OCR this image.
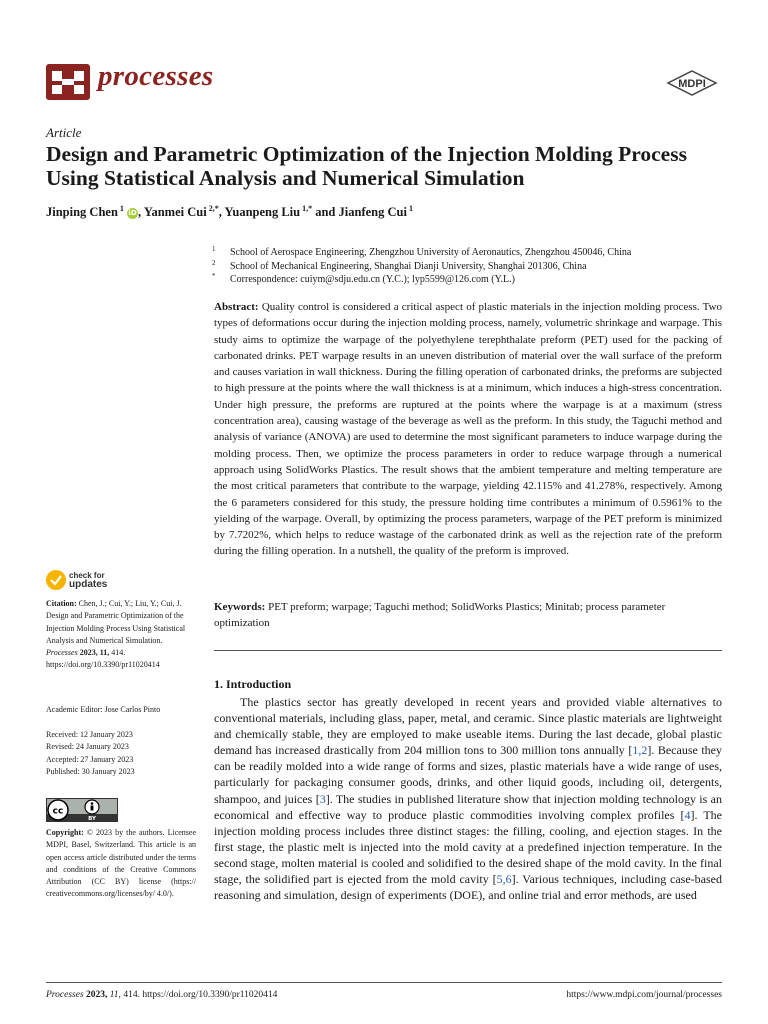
processes	MDPI
Article
Design and Parametric Optimization of the Injection Molding Process Using Statistical Analysis and Numerical Simulation
Jinping Chen $^1$ iD, Yanmei Cui $^{2,*}$, Yuanpeng Liu $^{1,*}$ and Jianfeng Cui $^1$
1 School of Aerospace Engineering, Zhengzhou University of Aeronautics, Zhengzhou 450046, China
2 School of Mechanical Engineering, Shanghai Dianji University, Shanghai 201306, China
* Correspondence: cuiym@sdju.edu.cn (Y.C.); lyp5599@126.com (Y.L.)
Abstract: Quality control is considered a critical aspect of plastic materials in the injection molding process. Two types of deformations occur during the injection molding process, namely, volumetric shrinkage and warpage. This study aims to optimize the warpage of the polyethylene terephthalate preform (PET) used for the packing of carbonated drinks. PET warpage results in an uneven distribution of material over the wall surface of the preform and causes variation in wall thickness. During the filling operation of carbonated drinks, the preforms are subjected to high pressure at the points where the wall thickness is at a minimum, which induces a high-stress concentration. Under high pressure, the preforms are ruptured at the points where the warpage is at a maximum (stress concentration area), causing wastage of the beverage as well as the preform. In this study, the Taguchi method and analysis of variance (ANOVA) are used to determine the most significant parameters to induce warpage during the molding process. Then, we optimize the process parameters in order to reduce warpage through a numerical approach using SolidWorks Plastics. The result shows that the ambient temperature and melting temperature are the most critical parameters that contribute to the warpage, yielding 42.115% and 41.278%, respectively. Among the 6 parameters considered for this study, the pressure holding time contributes a minimum of 0.5961% to the yielding of the warpage. Overall, by optimizing the process parameters, warpage of the PET preform is minimized by 7.7202%, which helps to reduce wastage of the carbonated drink as well as the rejection rate of the preform during the filling operation. In a nutshell, the quality of the preform is improved.
Keywords: PET preform; warpage; Taguchi method; SolidWorks Plastics; Minitab; process parameter optimization
check for
updates
Citation: Chen, J.; Cui, Y.; Liu, Y.; Cui, J. Design and Parametric Optimization of the Injection Molding Process Using Statistical Analysis and Numerical Simulation. Processes 2023, 11, 414. https://doi.org/10.3390/pr11020414
Academic Editor: Jose Carlos Pinto
Received: 12 January 2023
Revised: 24 January 2023
Accepted: 27 January 2023
Published: 30 January 2023
cc
BY
Copyright: © 2023 by the authors. Licensee MDPI, Basel, Switzerland. This article is an open access article distributed under the terms and conditions of the Creative Commons Attribution (CC BY) license (https:// creativecommons.org/licenses/by/ 4.0/).
1. Introduction
The plastics sector has greatly developed in recent years and provided viable alternatives to conventional materials, including glass, paper, metal, and ceramic. Since plastic materials are lightweight and chemically stable, they are employed to make useable items. During the last decade, global plastic demand has increased drastically from 204 million tons to 300 million tons annually [1,2]. Because they can be readily molded into a wide range of forms and sizes, plastic materials have a wide range of uses, particularly for packaging consumer goods, drinks, and other liquid goods, including oil, detergents, shampoo, and juices [3]. The studies in published literature show that injection molding technology is an economical and effective way to produce plastic commodities involving complex profiles [4]. The injection molding process includes three distinct stages: the filling, cooling, and ejection stages. In the first stage, the plastic melt is injected into the mold cavity at a predefined injection temperature. In the second stage, molten material is cooled and solidified to the desired shape of the mold cavity. In the final stage, the solidified part is ejected from the mold cavity [5,6]. Various techniques, including case-based reasoning and simulation, design of experiments (DOE), and online trial and error methods, are used
Processes 2023, 11, 414. https://doi.org/10.3390/pr11020414	https://www.mdpi.com/journal/processes
